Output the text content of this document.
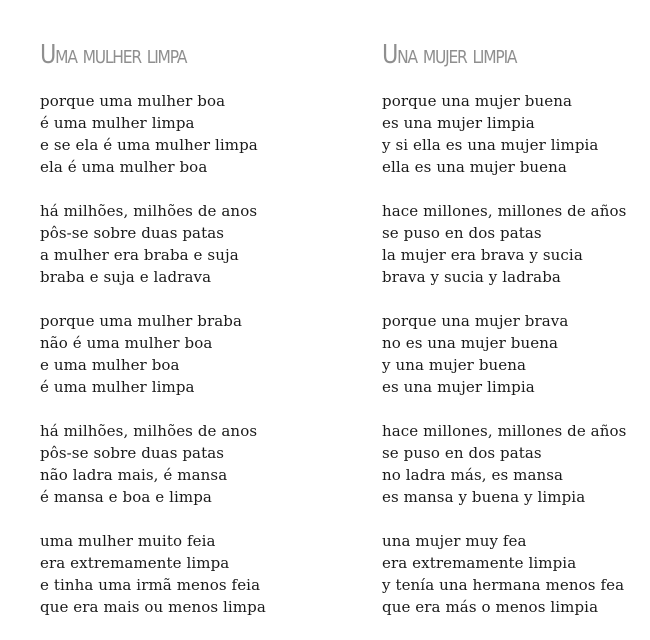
Uma mulher limpa
porque uma mulher boa
é uma mulher limpa
e se ela é uma mulher limpa
ela é uma mulher boa
há milhões, milhões de anos
pôs-se sobre duas patas
a mulher era braba e suja
braba e suja e ladrava
porque uma mulher braba
não é uma mulher boa
e uma mulher boa
é uma mulher limpa
há milhões, milhões de anos
pôs-se sobre duas patas
não ladra mais, é mansa
é mansa e boa e limpa
uma mulher muito feia
era extremamente limpa
e tinha uma irmã menos feia
que era mais ou menos limpa
Una mujer limpia
porque una mujer buena
es una mujer limpia
y si ella es una mujer limpia
ella es una mujer buena
hace millones, millones de años
se puso en dos patas
la mujer era brava y sucia
brava y sucia y ladraba
porque una mujer brava
no es una mujer buena
y una mujer buena
es una mujer limpia
hace millones, millones de años
se puso en dos patas
no ladra más, es mansa
es mansa y buena y limpia
una mujer muy fea
era extremamente limpia
y tenía una hermana menos fea
que era más o menos limpia
